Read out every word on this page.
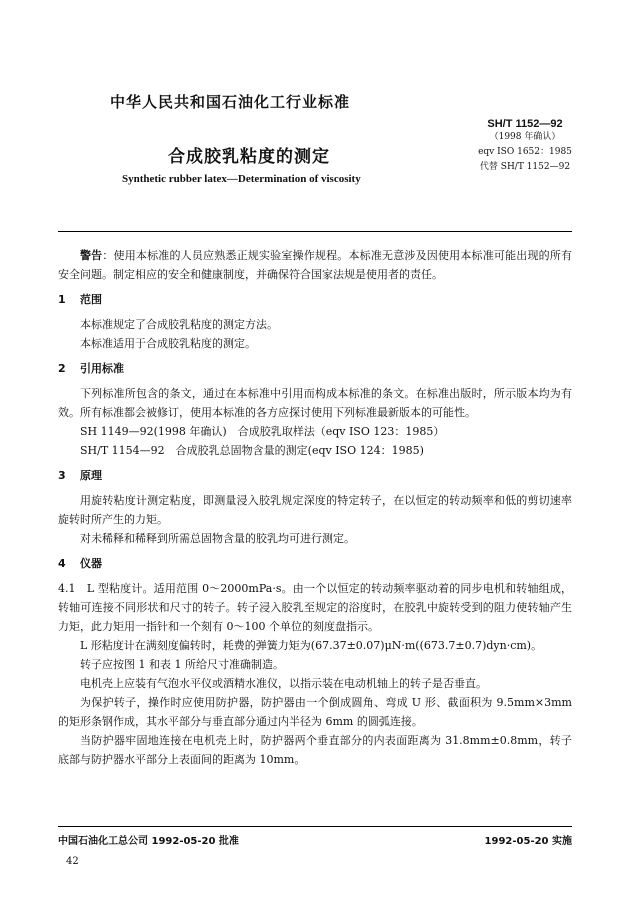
中华人民共和国石油化工行业标准
SH/T 1152—92
（1998 年确认）
eqv ISO 1652：1985
代替 SH/T 1152—92
合成胶乳粘度的测定
Synthetic rubber latex—Determination of viscosity

警告：使用本标准的人员应熟悉正规实验室操作规程。本标准无意涉及因使用本标准可能出现的所有安全问题。制定相应的安全和健康制度，并确保符合国家法规是使用者的责任。

1 范围

本标准规定了合成胶乳粘度的测定方法。

本标准适用于合成胶乳粘度的测定。

2 引用标准

下列标准所包含的条文，通过在本标准中引用而构成本标准的条文。在标准出版时，所示版本均为有效。所有标准都会被修订，使用本标准的各方应探讨使用下列标准最新版本的可能性。

SH 1149—92(1998 年确认)　合成胶乳取样法（eqv ISO 123：1985）

SH/T 1154—92　合成胶乳总固物含量的测定(eqv ISO 124：1985)

3 原理

用旋转粘度计测定粘度，即测量浸入胶乳规定深度的特定转子，在以恒定的转动频率和低的剪切速率旋转时所产生的力矩。

对未稀释和稀释到所需总固物含量的胶乳均可进行测定。

4 仪器

4.1　 L 型粘度计。适用范围 0～2000mPa·s。由一个以恒定的转动频率驱动着的同步电机和转轴组成，转轴可连接不同形状和尺寸的转子。转子浸入胶乳至规定的浴度时，在胶乳中旋转受到的阻力使转轴产生力矩，此力矩用一指针和一个刻有 0～100 个单位的刻度盘指示。

L 形粘度计在满刻度偏转时，耗费的弹簧力矩为(67.37±0.07)μN·m((673.7±0.7)dyn·cm)。

转子应按图 1 和表 1 所给尺寸准确制造。

电机壳上应装有气泡水平仪或酒精水准仪，以指示装在电动机轴上的转子是否垂直。

为保护转子，操作时应使用防护器，防护器由一个倒成圆角、弯成 U 形、截面积为 9.5mm×3mm 的矩形条钢作成，其水平部分与垂直部分通过内半径为 6mm 的圆弧连接。

当防护器牢固地连接在电机壳上时，防护器两个垂直部分的内表面距离为 31.8mm±0.8mm，转子底部与防护器水平部分上表面间的距离为 10mm。

中国石油化工总公司 1992-05-20 批准	1992-05-20 实施
42
